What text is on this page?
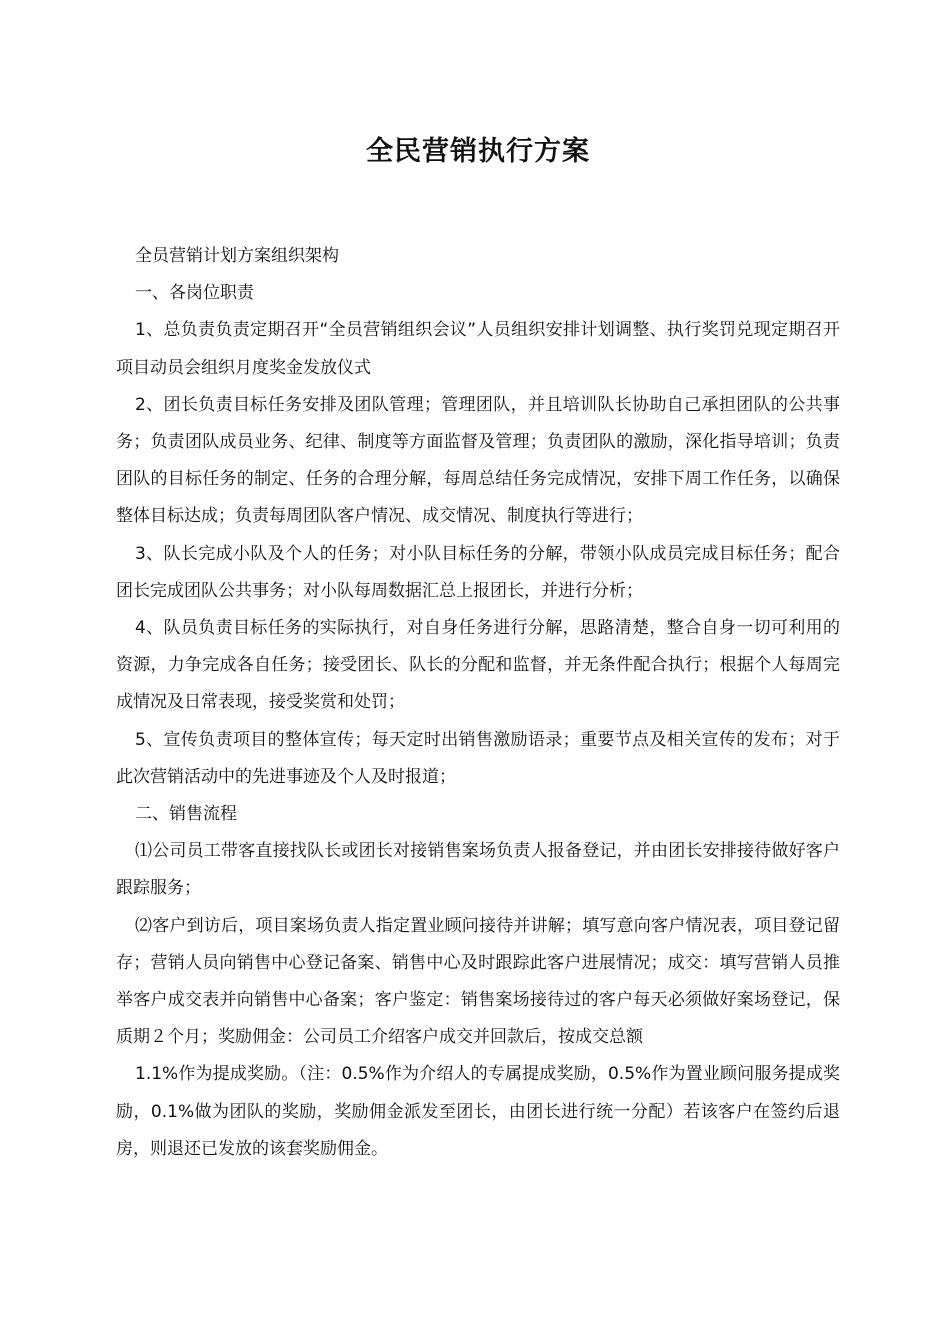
全民营销执行方案

全员营销计划方案组织架构

一、各岗位职责

1、总负责负责定期召开“全员营销组织会议”人员组织安排计划调整、执行奖罚兑现定期召开项目动员会组织月度奖金发放仪式

2、团长负责目标任务安排及团队管理；管理团队，并且培训队长协助自己承担团队的公共事务；负责团队成员业务、纪律、制度等方面监督及管理；负责团队的激励，深化指导培训；负责团队的目标任务的制定、任务的合理分解，每周总结任务完成情况，安排下周工作任务，以确保整体目标达成；负责每周团队客户情况、成交情况、制度执行等进行；

3、队长完成小队及个人的任务；对小队目标任务的分解，带领小队成员完成目标任务；配合团长完成团队公共事务；对小队每周数据汇总上报团长，并进行分析；

4、队员负责目标任务的实际执行，对自身任务进行分解，思路清楚，整合自身一切可利用的资源，力争完成各自任务；接受团长、队长的分配和监督，并无条件配合执行；根据个人每周完成情况及日常表现，接受奖赏和处罚；

5、宣传负责项目的整体宣传；每天定时出销售激励语录；重要节点及相关宣传的发布；对于此次营销活动中的先进事迹及个人及时报道；

二、销售流程

⑴公司员工带客直接找队长或团长对接销售案场负责人报备登记，并由团长安排接待做好客户跟踪服务；

⑵客户到访后，项目案场负责人指定置业顾问接待并讲解；填写意向客户情况表，项目登记留存；营销人员向销售中心登记备案、销售中心及时跟踪此客户进展情况；成交：填写营销人员推举客户成交表并向销售中心备案；客户鉴定：销售案场接待过的客户每天必须做好案场登记，保质期２个月；奖励佣金：公司员工介绍客户成交并回款后，按成交总额

1.1%作为提成奖励。（注：0.5%作为介绍人的专属提成奖励，0.5%作为置业顾问服务提成奖励，0.1%做为团队的奖励，奖励佣金派发至团长，由团长进行统一分配）若该客户在签约后退房，则退还已发放的该套奖励佣金。
